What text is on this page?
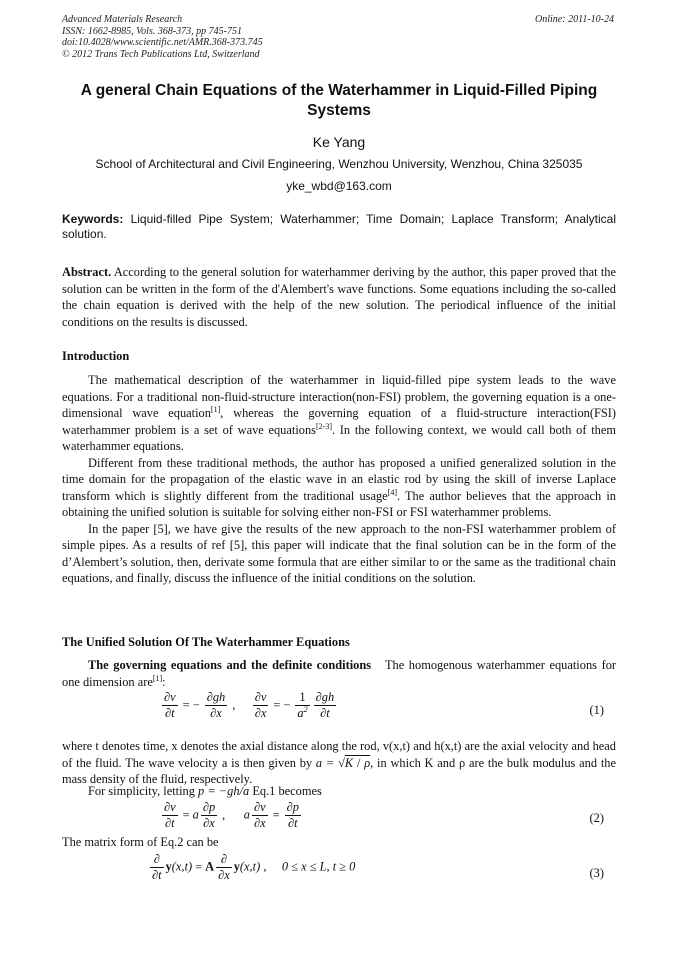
Advanced Materials Research
ISSN: 1662-8985, Vols. 368-373, pp 745-751
doi:10.4028/www.scientific.net/AMR.368-373.745
© 2012 Trans Tech Publications Ltd, Switzerland
Online: 2011-10-24
A general Chain Equations of the Waterhammer in Liquid-Filled Piping Systems
Ke Yang
School of Architectural and Civil Engineering, Wenzhou University, Wenzhou, China 325035
yke_wbd@163.com
Keywords: Liquid-filled Pipe System; Waterhammer; Time Domain; Laplace Transform; Analytical solution.
Abstract. According to the general solution for waterhammer deriving by the author, this paper proved that the solution can be written in the form of the d'Alembert's wave functions. Some equations including the so-called the chain equation is derived with the help of the new solution. The periodical influence of the initial conditions on the results is discussed.
Introduction

The mathematical description of the waterhammer in liquid-filled pipe system leads to the wave equations. For a traditional non-fluid-structure interaction(non-FSI) problem, the governing equation is a one-dimensional wave equation[1], whereas the governing equation of a fluid-structure interaction(FSI) waterhammer problem is a set of wave equations[2-3]. In the following context, we would call both of them waterhammer equations.

Different from these traditional methods, the author has proposed a unified generalized solution in the time domain for the propagation of the elastic wave in an elastic rod by using the skill of inverse Laplace transform which is slightly different from the traditional usage[4]. The author believes that the approach in obtaining the unified solution is suitable for solving either non-FSI or FSI waterhammer problems.

In the paper [5], we have give the results of the new approach to the non-FSI waterhammer problem of simple pipes. As a results of ref [5], this paper will indicate that the final solution can be in the form of the d’Alembert’s solution, then, derivate some formula that are either similar to or the same as the traditional chain equations, and finally, discuss the influence of the initial conditions on the solution.

The Unified Solution Of The Waterhammer Equations
The governing equations and the definite conditions The homogenous waterhammer equations for one dimension are[1]:
$\frac{\partial v}{\partial t}$ = − $\frac{\partial gh}{\partial x}$ , $\frac{\partial v}{\partial x}$ = − $\frac{1}{a^2} \frac{\partial gh}{\partial t}$	(1)
where t denotes time, x denotes the axial distance along the rod, v(x,t) and h(x,t) are the axial velocity and head of the fluid. The wave velocity a is then given by a = √K / ρ, in which K and ρ are the bulk modulus and the mass density of the fluid, respectively.
For simplicity, letting p = −gh/a Eq.1 becomes
$\frac{\partial v}{\partial t} = a \frac{\partial p}{\partial x}$ , a $\frac{\partial v}{\partial x} = \frac{\partial p}{\partial t}$	(2)
The matrix form of Eq.2 can be
$\frac{\partial}{\partial t} y(x,t) = A \frac{\partial}{\partial x} y(x,t)$ ,     0 ≤ x ≤ L, t ≥ 0	(3)
